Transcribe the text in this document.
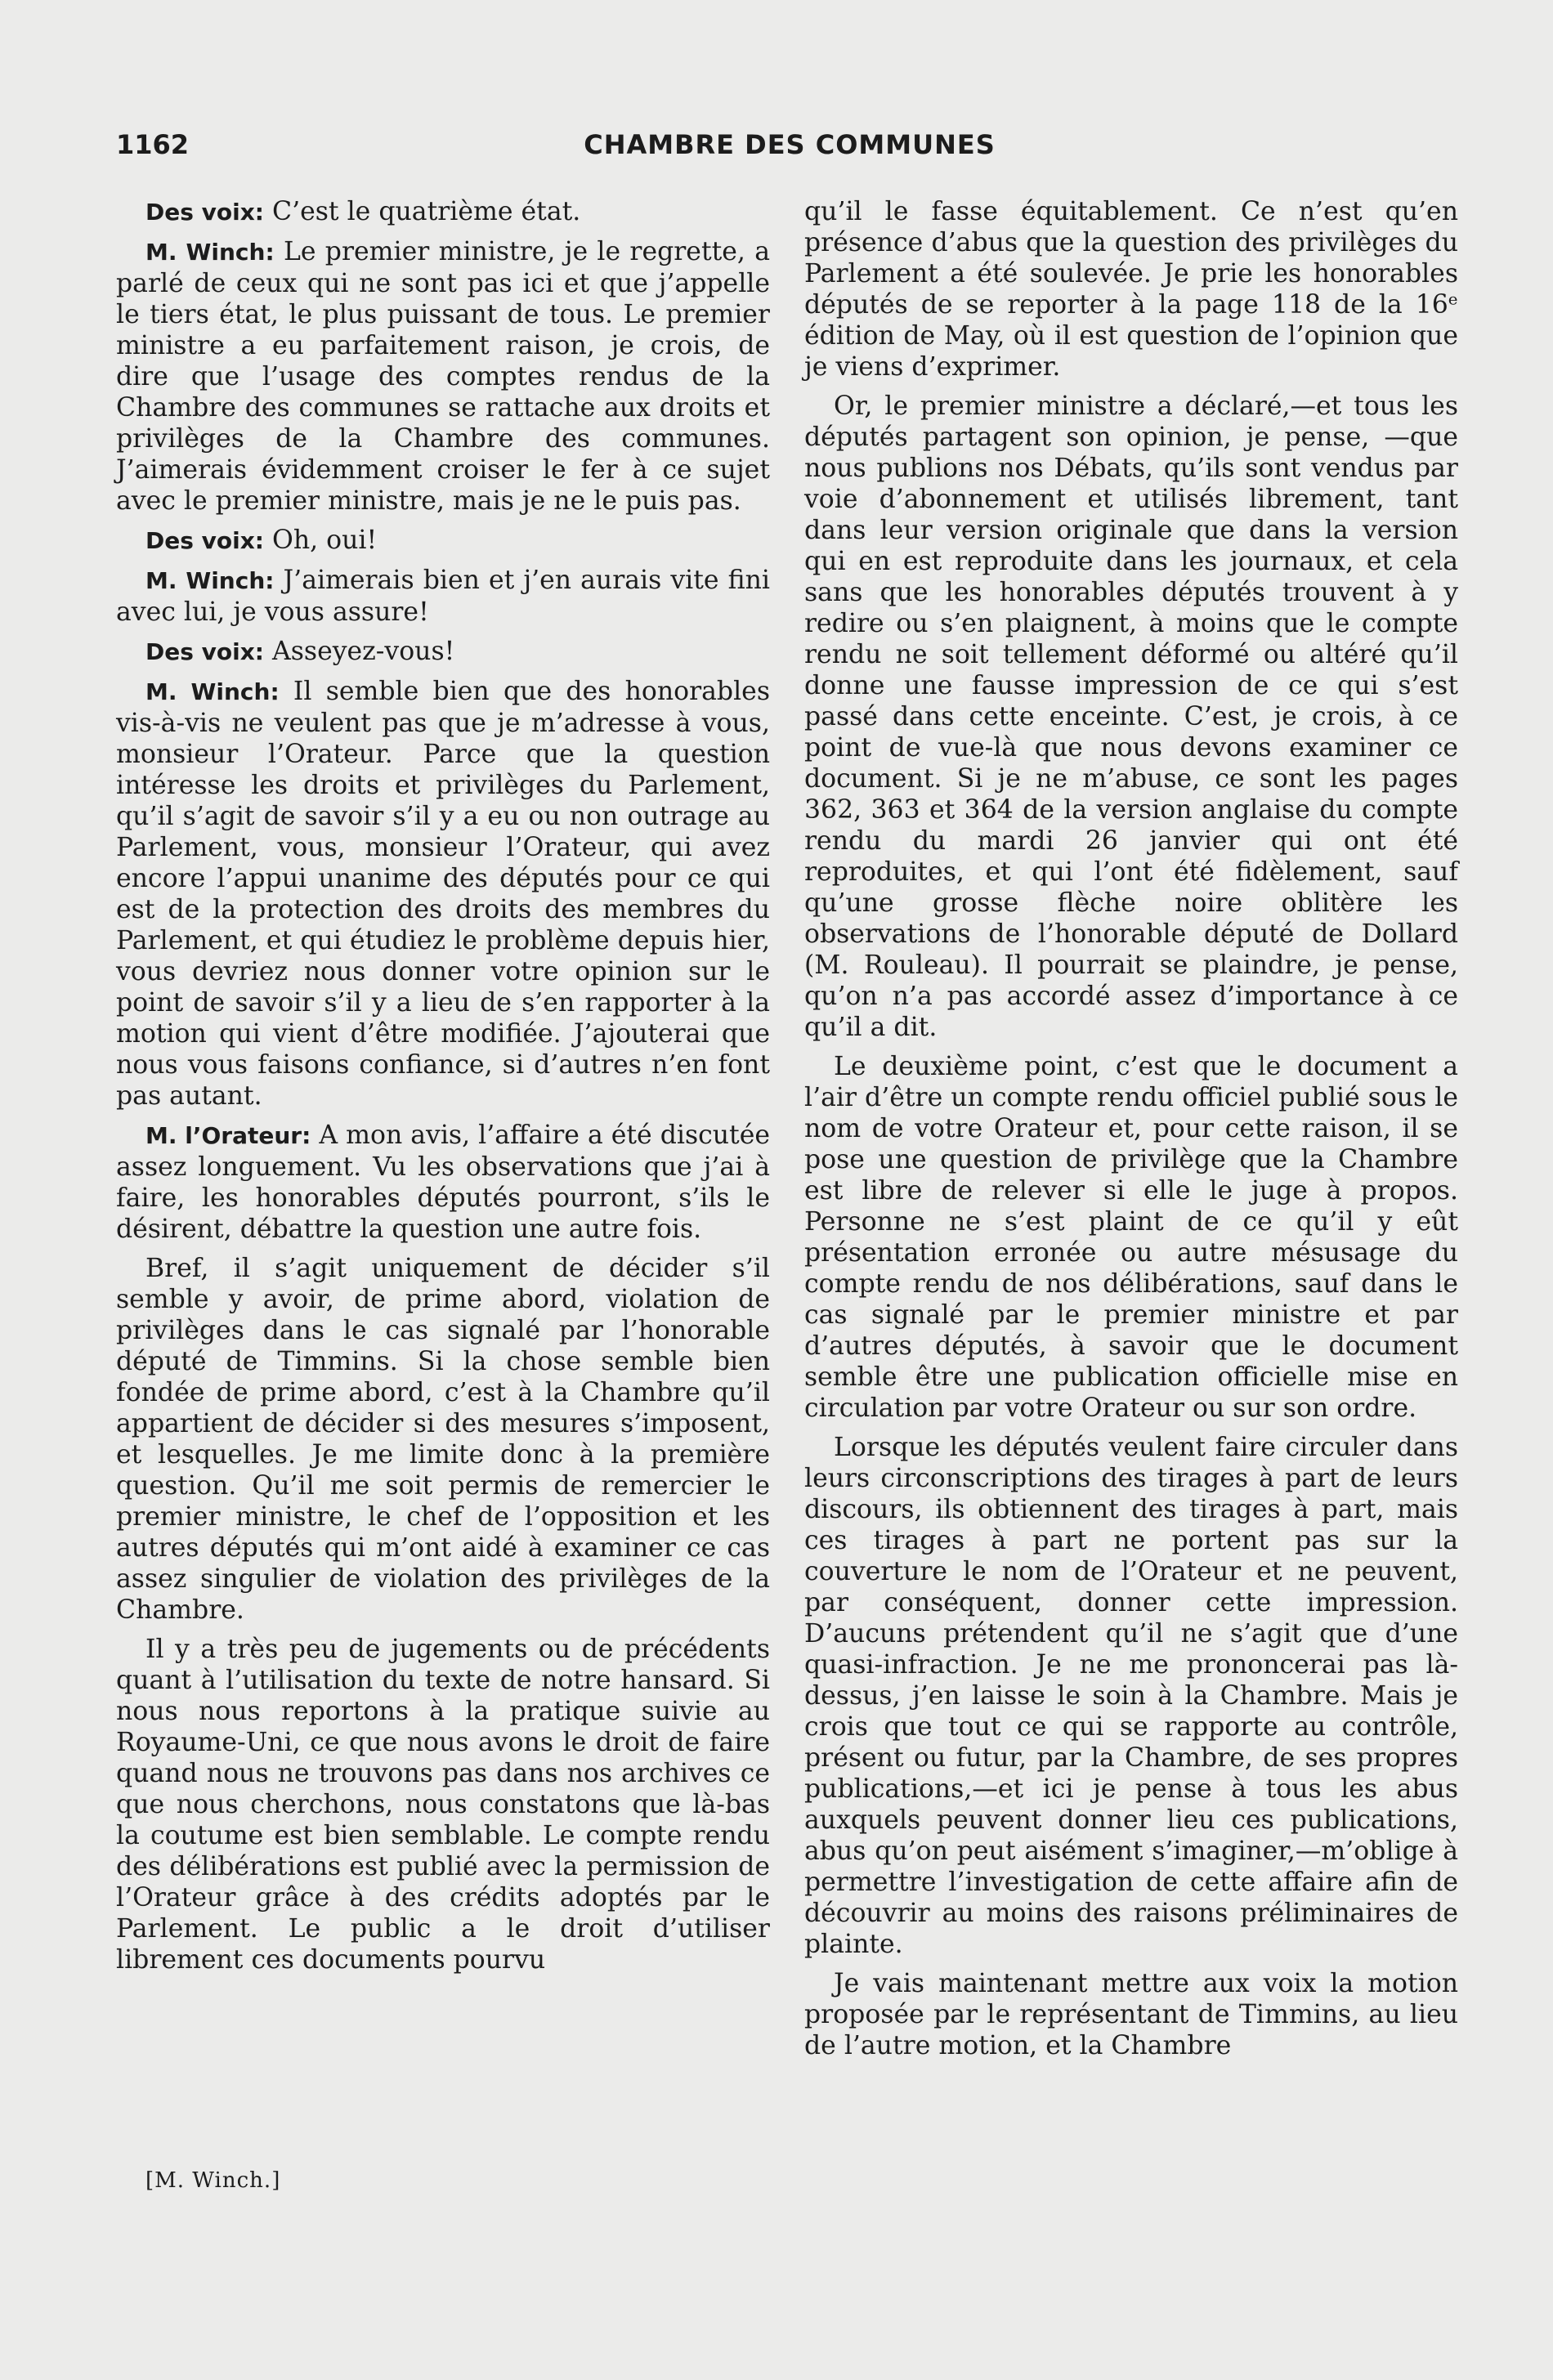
1162	CHAMBRE DES COMMUNES

Des voix: C’est le quatrième état.

M. Winch: Le premier ministre, je le regrette, a parlé de ceux qui ne sont pas ici et que j’appelle le tiers état, le plus puissant de tous. Le premier ministre a eu parfaitement raison, je crois, de dire que l’usage des comptes rendus de la Chambre des communes se rattache aux droits et privilèges de la Chambre des communes. J’aimerais évidemment croiser le fer à ce sujet avec le premier ministre, mais je ne le puis pas.

Des voix: Oh, oui!

M. Winch: J’aimerais bien et j’en aurais vite fini avec lui, je vous assure!

Des voix: Asseyez-vous!

M. Winch: Il semble bien que des honorables vis-à-vis ne veulent pas que je m’adresse à vous, monsieur l’Orateur. Parce que la question intéresse les droits et privilèges du Parlement, qu’il s’agit de savoir s’il y a eu ou non outrage au Parlement, vous, monsieur l’Orateur, qui avez encore l’appui unanime des députés pour ce qui est de la protection des droits des membres du Parlement, et qui étudiez le problème depuis hier, vous devriez nous donner votre opinion sur le point de savoir s’il y a lieu de s’en rapporter à la motion qui vient d’être modifiée. J’ajouterai que nous vous faisons confiance, si d’autres n’en font pas autant.

M. l’Orateur: A mon avis, l’affaire a été discutée assez longuement. Vu les observations que j’ai à faire, les honorables députés pourront, s’ils le désirent, débattre la question une autre fois.

Bref, il s’agit uniquement de décider s’il semble y avoir, de prime abord, violation de privilèges dans le cas signalé par l’honorable député de Timmins. Si la chose semble bien fondée de prime abord, c’est à la Chambre qu’il appartient de décider si des mesures s’imposent, et lesquelles. Je me limite donc à la première question. Qu’il me soit permis de remercier le premier ministre, le chef de l’opposition et les autres députés qui m’ont aidé à examiner ce cas assez singulier de violation des privilèges de la Chambre.

Il y a très peu de jugements ou de précédents quant à l’utilisation du texte de notre hansard. Si nous nous reportons à la pratique suivie au Royaume-Uni, ce que nous avons le droit de faire quand nous ne trouvons pas dans nos archives ce que nous cherchons, nous constatons que là-bas la coutume est bien semblable. Le compte rendu des délibérations est publié avec la permission de l’Orateur grâce à des crédits adoptés par le Parlement. Le public a le droit d’utiliser librement ces documents pourvu

qu’il le fasse équitablement. Ce n’est qu’en présence d’abus que la question des privilèges du Parlement a été soulevée. Je prie les honorables députés de se reporter à la page 118 de la 16ᵉ édition de May, où il est question de l’opinion que je viens d’exprimer.

Or, le premier ministre a déclaré,—et tous les députés partagent son opinion, je pense, —que nous publions nos Débats, qu’ils sont vendus par voie d’abonnement et utilisés librement, tant dans leur version originale que dans la version qui en est reproduite dans les journaux, et cela sans que les honorables députés trouvent à y redire ou s’en plaignent, à moins que le compte rendu ne soit tellement déformé ou altéré qu’il donne une fausse impression de ce qui s’est passé dans cette enceinte. C’est, je crois, à ce point de vue-là que nous devons examiner ce document. Si je ne m’abuse, ce sont les pages 362, 363 et 364 de la version anglaise du compte rendu du mardi 26 janvier qui ont été reproduites, et qui l’ont été fidèlement, sauf qu’une grosse flèche noire oblitère les observations de l’honorable député de Dollard (M. Rouleau). Il pourrait se plaindre, je pense, qu’on n’a pas accordé assez d’importance à ce qu’il a dit.

Le deuxième point, c’est que le document a l’air d’être un compte rendu officiel publié sous le nom de votre Orateur et, pour cette raison, il se pose une question de privilège que la Chambre est libre de relever si elle le juge à propos. Personne ne s’est plaint de ce qu’il y eût présentation erronée ou autre mésusage du compte rendu de nos délibérations, sauf dans le cas signalé par le premier ministre et par d’autres députés, à savoir que le document semble être une publication officielle mise en circulation par votre Orateur ou sur son ordre.

Lorsque les députés veulent faire circuler dans leurs circonscriptions des tirages à part de leurs discours, ils obtiennent des tirages à part, mais ces tirages à part ne portent pas sur la couverture le nom de l’Orateur et ne peuvent, par conséquent, donner cette impression. D’aucuns prétendent qu’il ne s’agit que d’une quasi-infraction. Je ne me prononcerai pas là-dessus, j’en laisse le soin à la Chambre. Mais je crois que tout ce qui se rapporte au contrôle, présent ou futur, par la Chambre, de ses propres publications,—et ici je pense à tous les abus auxquels peuvent donner lieu ces publications, abus qu’on peut aisément s’imaginer,—m’oblige à permettre l’investigation de cette affaire afin de découvrir au moins des raisons préliminaires de plainte.

Je vais maintenant mettre aux voix la motion proposée par le représentant de Timmins, au lieu de l’autre motion, et la Chambre

[M. Winch.]
